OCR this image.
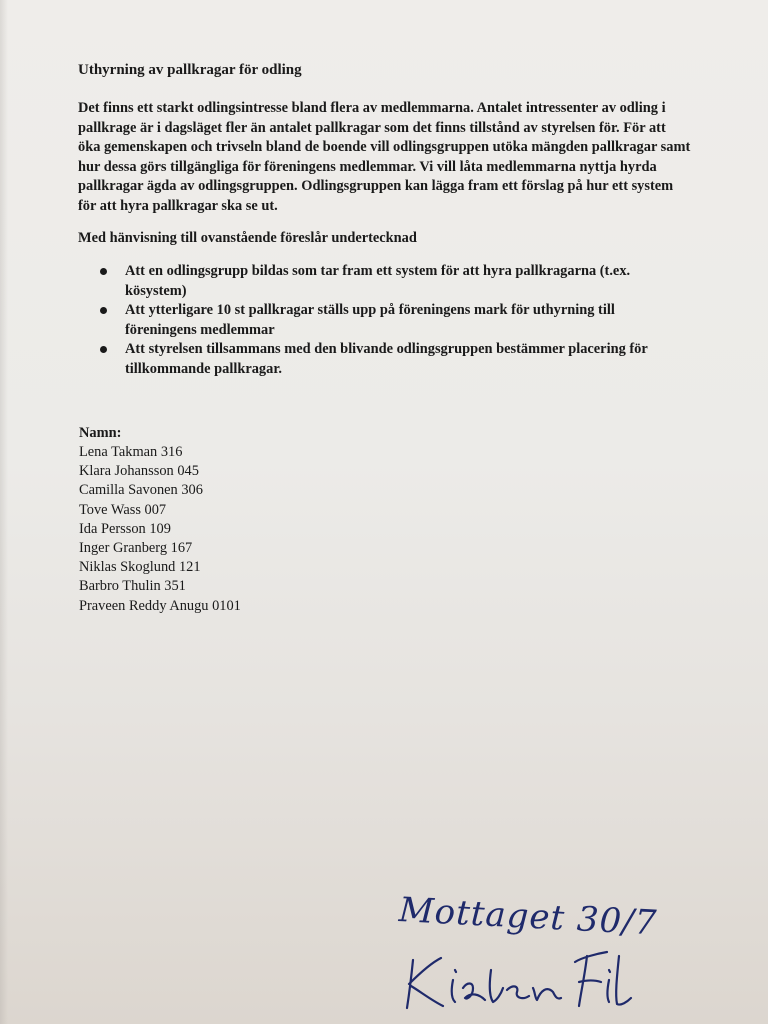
Uthyrning av pallkragar för odling
Det finns ett starkt odlingsintresse bland flera av medlemmarna. Antalet intressenter av odling i
pallkrage är i dagsläget fler än antalet pallkragar som det finns tillstånd av styrelsen för. För att
öka gemenskapen och trivseln bland de boende vill odlingsgruppen utöka mängden pallkragar samt
hur dessa görs tillgängliga för föreningens medlemmar. Vi vill låta medlemmarna nyttja hyrda
pallkragar ägda av odlingsgruppen. Odlingsgruppen kan lägga fram ett förslag på hur ett system
för att hyra pallkragar ska se ut.
Med hänvisning till ovanstående föreslår undertecknad
Att en odlingsgrupp bildas som tar fram ett system för att hyra pallkragarna (t.ex.
kösystem)
Att ytterligare 10 st pallkragar ställs upp på föreningens mark för uthyrning till
föreningens medlemmar
Att styrelsen tillsammans med den blivande odlingsgruppen bestämmer placering för
tillkommande pallkragar.
Namn:
Lena Takman 316
Klara Johansson 045
Camilla Savonen 306
Tove Wass 007
Ida Persson 109
Inger Granberg 167
Niklas Skoglund 121
Barbro Thulin 351
Praveen Reddy Anugu 0101
Mottaget 30/7
